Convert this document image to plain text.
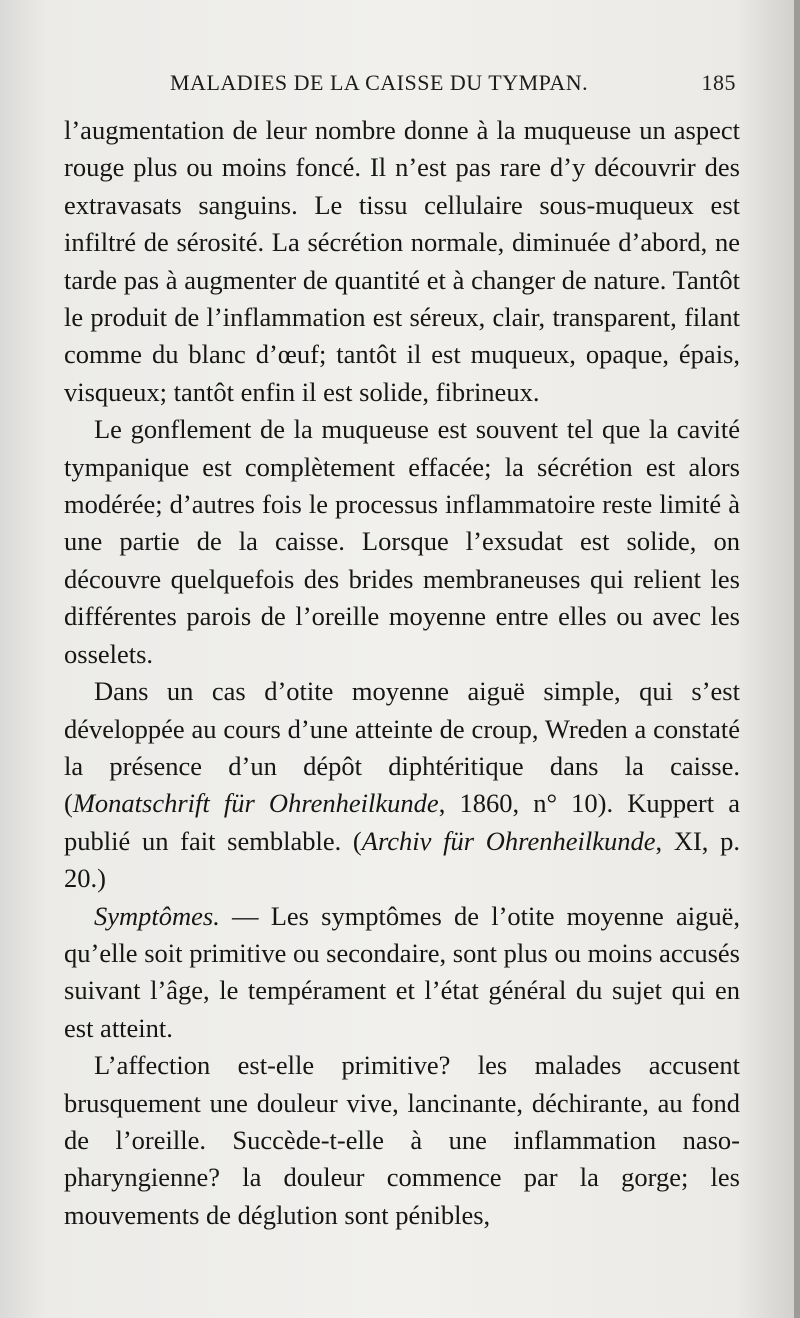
MALADIES DE LA CAISSE DU TYMPAN.	185

l’augmentation de leur nombre donne à la muqueuse un aspect rouge plus ou moins foncé. Il n’est pas rare d’y découvrir des extravasats sanguins. Le tissu cellulaire sous-muqueux est infiltré de sérosité. La sécrétion normale, diminuée d’abord, ne tarde pas à augmenter de quantité et à changer de nature. Tantôt le produit de l’inflammation est séreux, clair, transparent, filant comme du blanc d’œuf; tantôt il est muqueux, opaque, épais, visqueux; tantôt enfin il est solide, fibrineux.

Le gonflement de la muqueuse est souvent tel que la cavité tympanique est complètement effacée; la sécrétion est alors modérée; d’autres fois le processus inflammatoire reste limité à une partie de la caisse. Lorsque l’exsudat est solide, on découvre quelquefois des brides membraneuses qui relient les différentes parois de l’oreille moyenne entre elles ou avec les osselets.

Dans un cas d’otite moyenne aiguë simple, qui s’est développée au cours d’une atteinte de croup, Wreden a constaté la présence d’un dépôt diphtéritique dans la caisse. (Monatschrift für Ohrenheilkunde, 1860, n° 10). Kuppert a publié un fait semblable. (Archiv für Ohrenheilkunde, XI, p. 20.)

Symptômes. — Les symptômes de l’otite moyenne aiguë, qu’elle soit primitive ou secondaire, sont plus ou moins accusés suivant l’âge, le tempérament et l’état général du sujet qui en est atteint.

L’affection est-elle primitive? les malades accusent brusquement une douleur vive, lancinante, déchirante, au fond de l’oreille. Succède-t-elle à une inflammation naso-pharyngienne? la douleur commence par la gorge; les mouvements de déglution sont pénibles,
